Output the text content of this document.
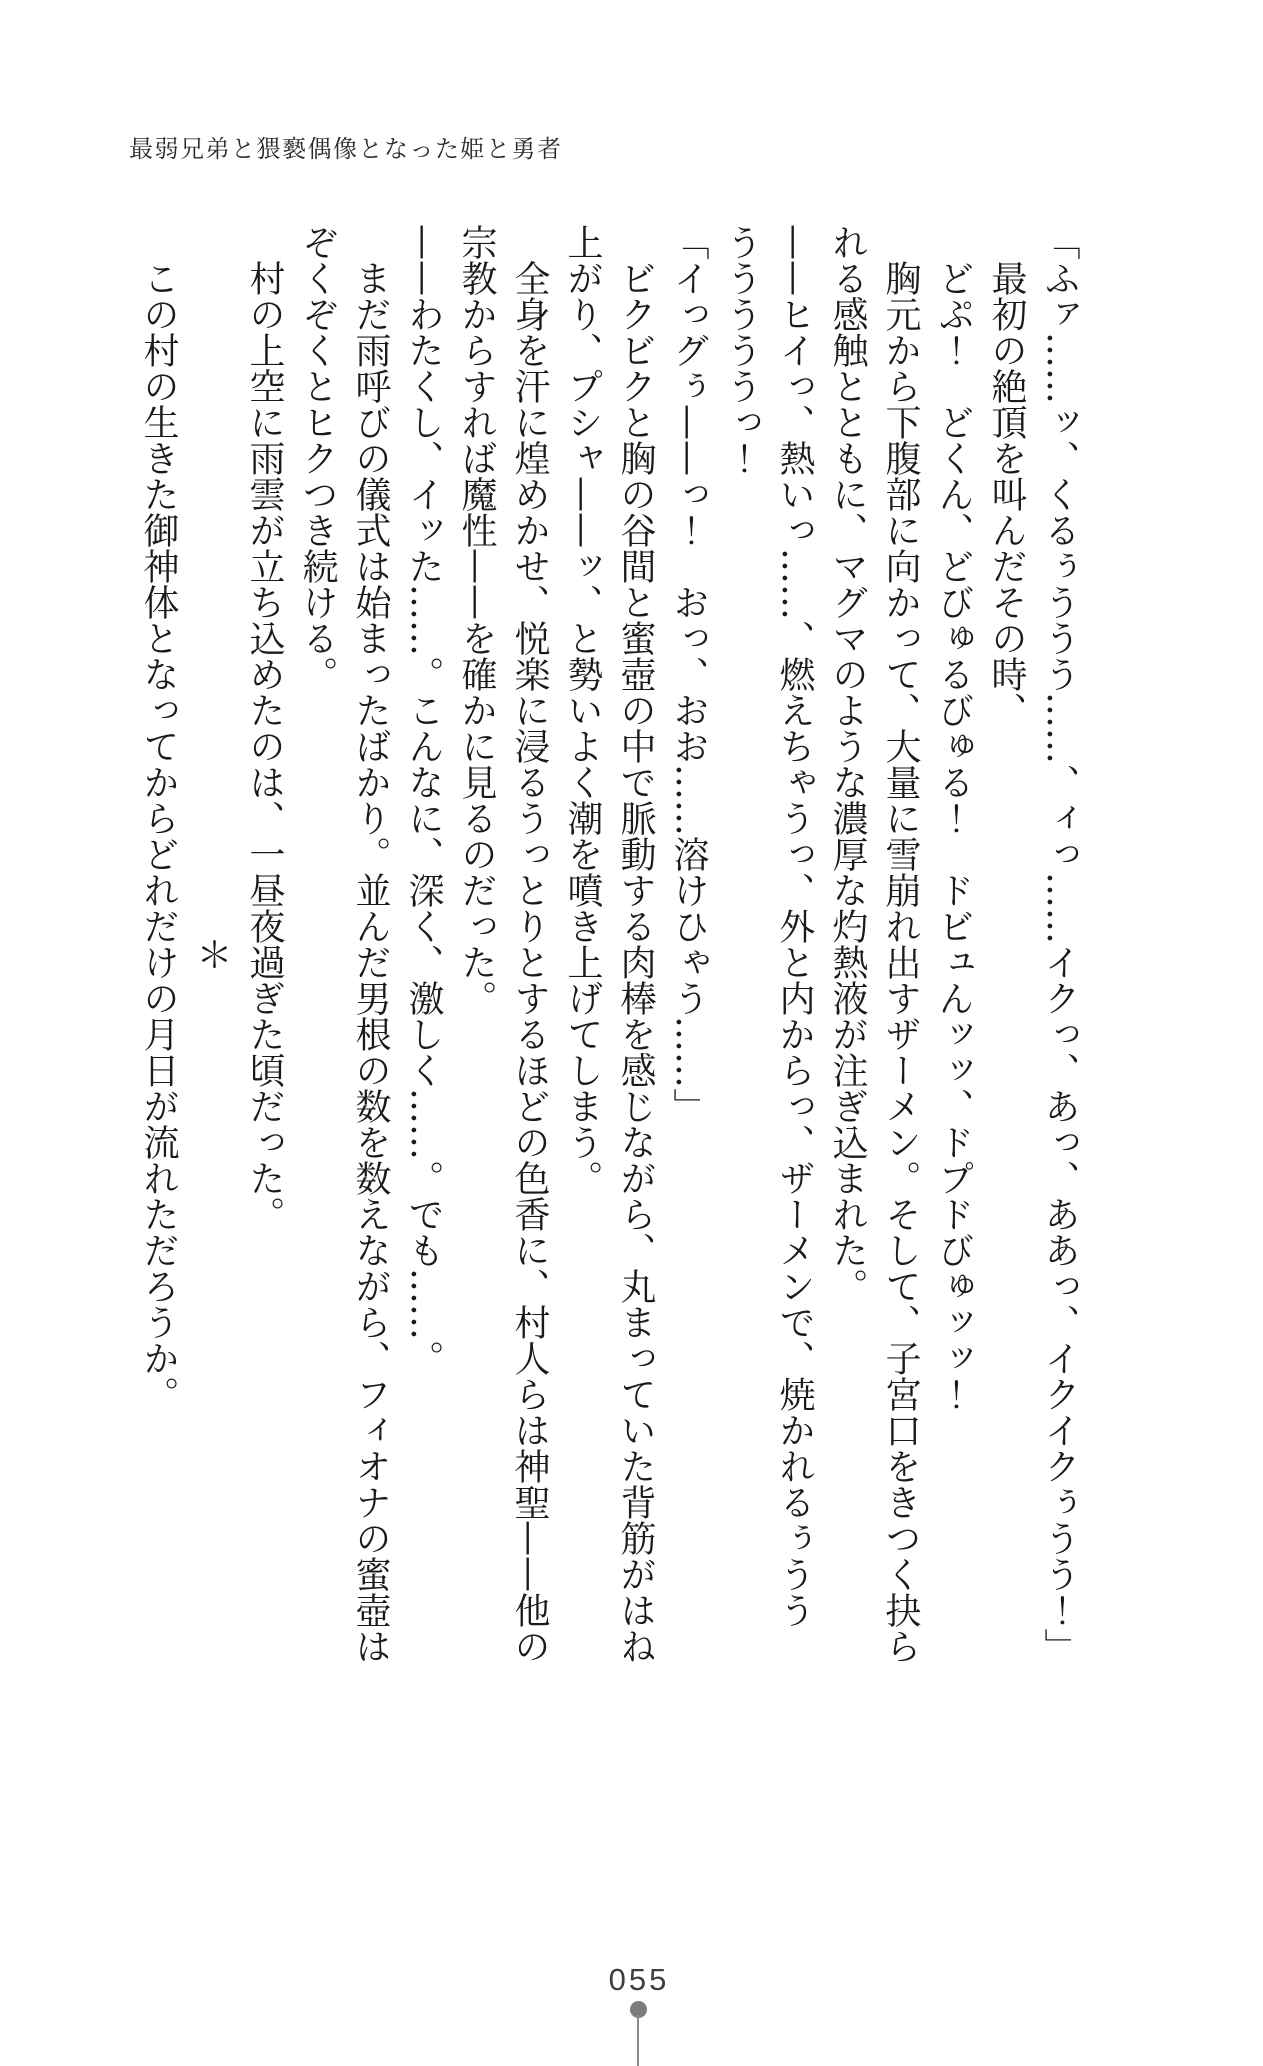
最弱兄弟と猥褻偶像となった姫と勇者

「ふァ……ッ、くるぅううう……、ィっ……イクっ、あっ、ああっ、イクイクぅうう！」

　最初の絶頂を叫んだその時、

　どぷ！　どくん、どびゅるびゅる！　ドビュんッッ、ドプドびゅッッ！

　胸元から下腹部に向かって、大量に雪崩れ出すザーメン。そして、子宮口をきつく抉ら

れる感触とともに、マグマのような濃厚な灼熱液が注ぎ込まれた。

——ヒイっ、熱いっ……、燃えちゃうっ、外と内からっ、ザーメンで、焼かれるぅうう

うううううっ！

「イっグぅ——っ！　おっ、おお……溶けひゃう……」

　ビクビクと胸の谷間と蜜壺の中で脈動する肉棒を感じながら、丸まっていた背筋がはね

上がり、プシャ——ッ、と勢いよく潮を噴き上げてしまう。

　全身を汗に煌めかせ、悦楽に浸るうっとりとするほどの色香に、村人らは神聖——他の

宗教からすれば魔性——を確かに見るのだった。

——わたくし、イッた……。こんなに、深く、激しく……。でも……。

　まだ雨呼びの儀式は始まったばかり。並んだ男根の数を数えながら、フィオナの蜜壺は

ぞくぞくとヒクつき続ける。

　村の上空に雨雲が立ち込めたのは、一昼夜過ぎた頃だった。

＊

　この村の生きた御神体となってからどれだけの月日が流れただろうか。

055
